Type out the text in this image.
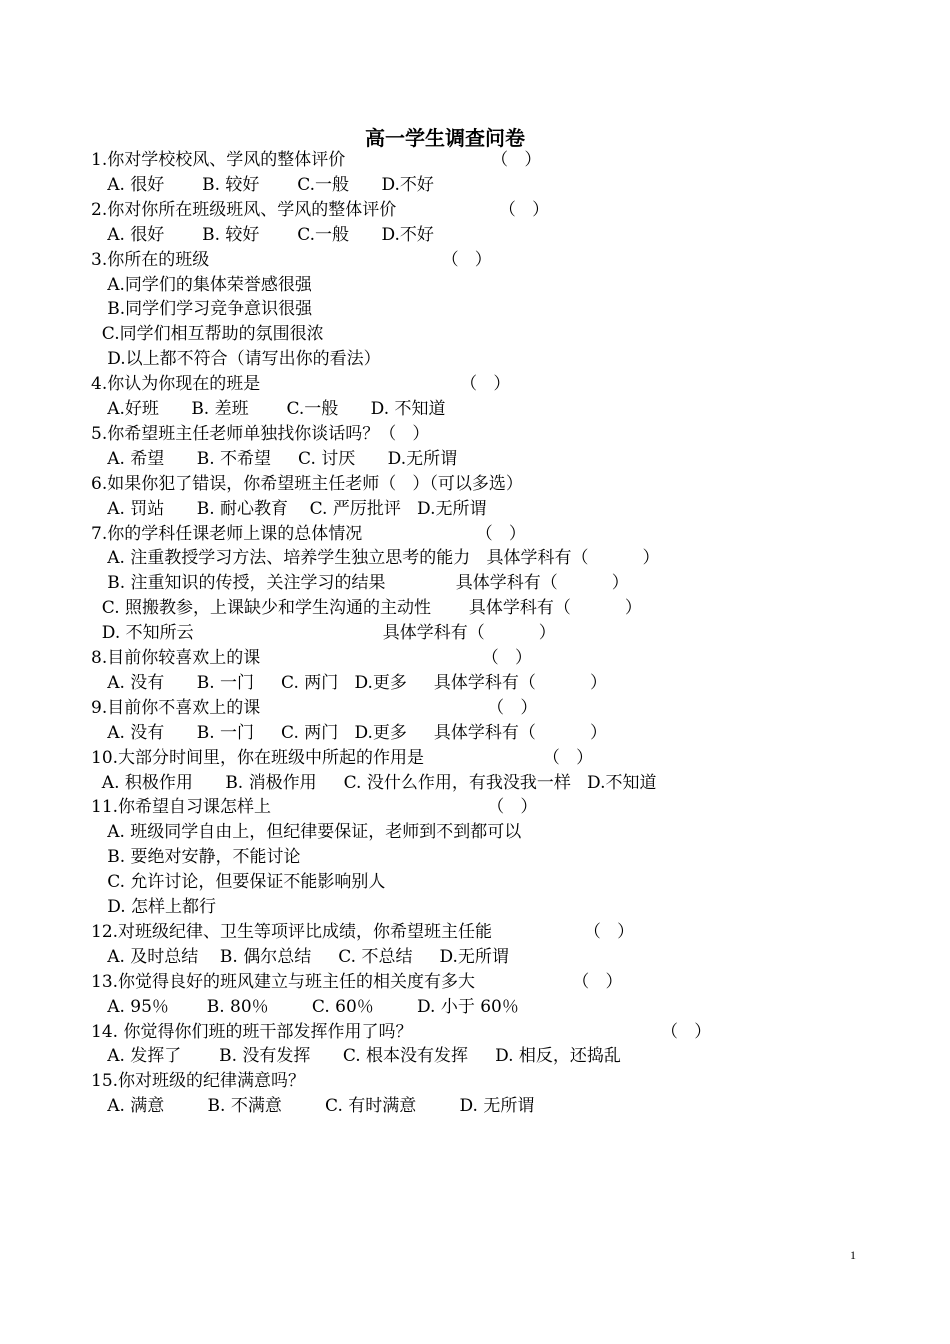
高一学生调查问卷
1.你对学校校风、学风的整体评价                           （   ）
A. 很好       B. 较好       C.一般      D.不好
2.你对你所在班级班风、学风的整体评价                   （   ）
A. 很好       B. 较好       C.一般      D.不好
3.你所在的班级                                           （   ）
A.同学们的集体荣誉感很强
B.同学们学习竞争意识很强
C.同学们相互帮助的氛围很浓
D.以上都不符合（请写出你的看法）
4.你认为你现在的班是                                     （   ）
A.好班      B. 差班       C.一般      D. 不知道
5.你希望班主任老师单独找你谈话吗？（   ）
A. 希望      B. 不希望     C. 讨厌      D.无所谓
6.如果你犯了错误，你希望班主任老师（   ）（可以多选）
A. 罚站      B. 耐心教育    C. 严厉批评   D.无所谓
7.你的学科任课老师上课的总体情况                     （   ）
A. 注重教授学习方法、培养学生独立思考的能力   具体学科有（          ）
B. 注重知识的传授，关注学习的结果             具体学科有（          ）
C. 照搬教参，上课缺少和学生沟通的主动性       具体学科有（          ）
D. 不知所云                                   具体学科有（          ）
8.目前你较喜欢上的课                                         （   ）
A. 没有      B. 一门     C. 两门   D.更多     具体学科有（          ）
9.目前你不喜欢上的课                                          （   ）
A. 没有      B. 一门     C. 两门   D.更多     具体学科有（          ）
10.大部分时间里，你在班级中所起的作用是                      （   ）
A. 积极作用      B. 消极作用     C. 没什么作用，有我没我一样   D.不知道
11.你希望自习课怎样上                                        （   ）
A. 班级同学自由上，但纪律要保证，老师到不到都可以
B. 要绝对安静，不能讨论
C. 允许讨论，但要保证不能影响别人
D. 怎样上都行
12.对班级纪律、卫生等项评比成绩，你希望班主任能                 （   ）
A. 及时总结    B. 偶尔总结     C. 不总结     D.无所谓
13.你觉得良好的班风建立与班主任的相关度有多大                  （   ）
A. 95％       B. 80％        C. 60％        D. 小于 60％
14. 你觉得你们班的班干部发挥作用了吗？                                              （   ）
A. 发挥了       B. 没有发挥      C. 根本没有发挥     D. 相反，还捣乱
15.你对班级的纪律满意吗？
A. 满意        B. 不满意        C. 有时满意        D. 无所谓
1
